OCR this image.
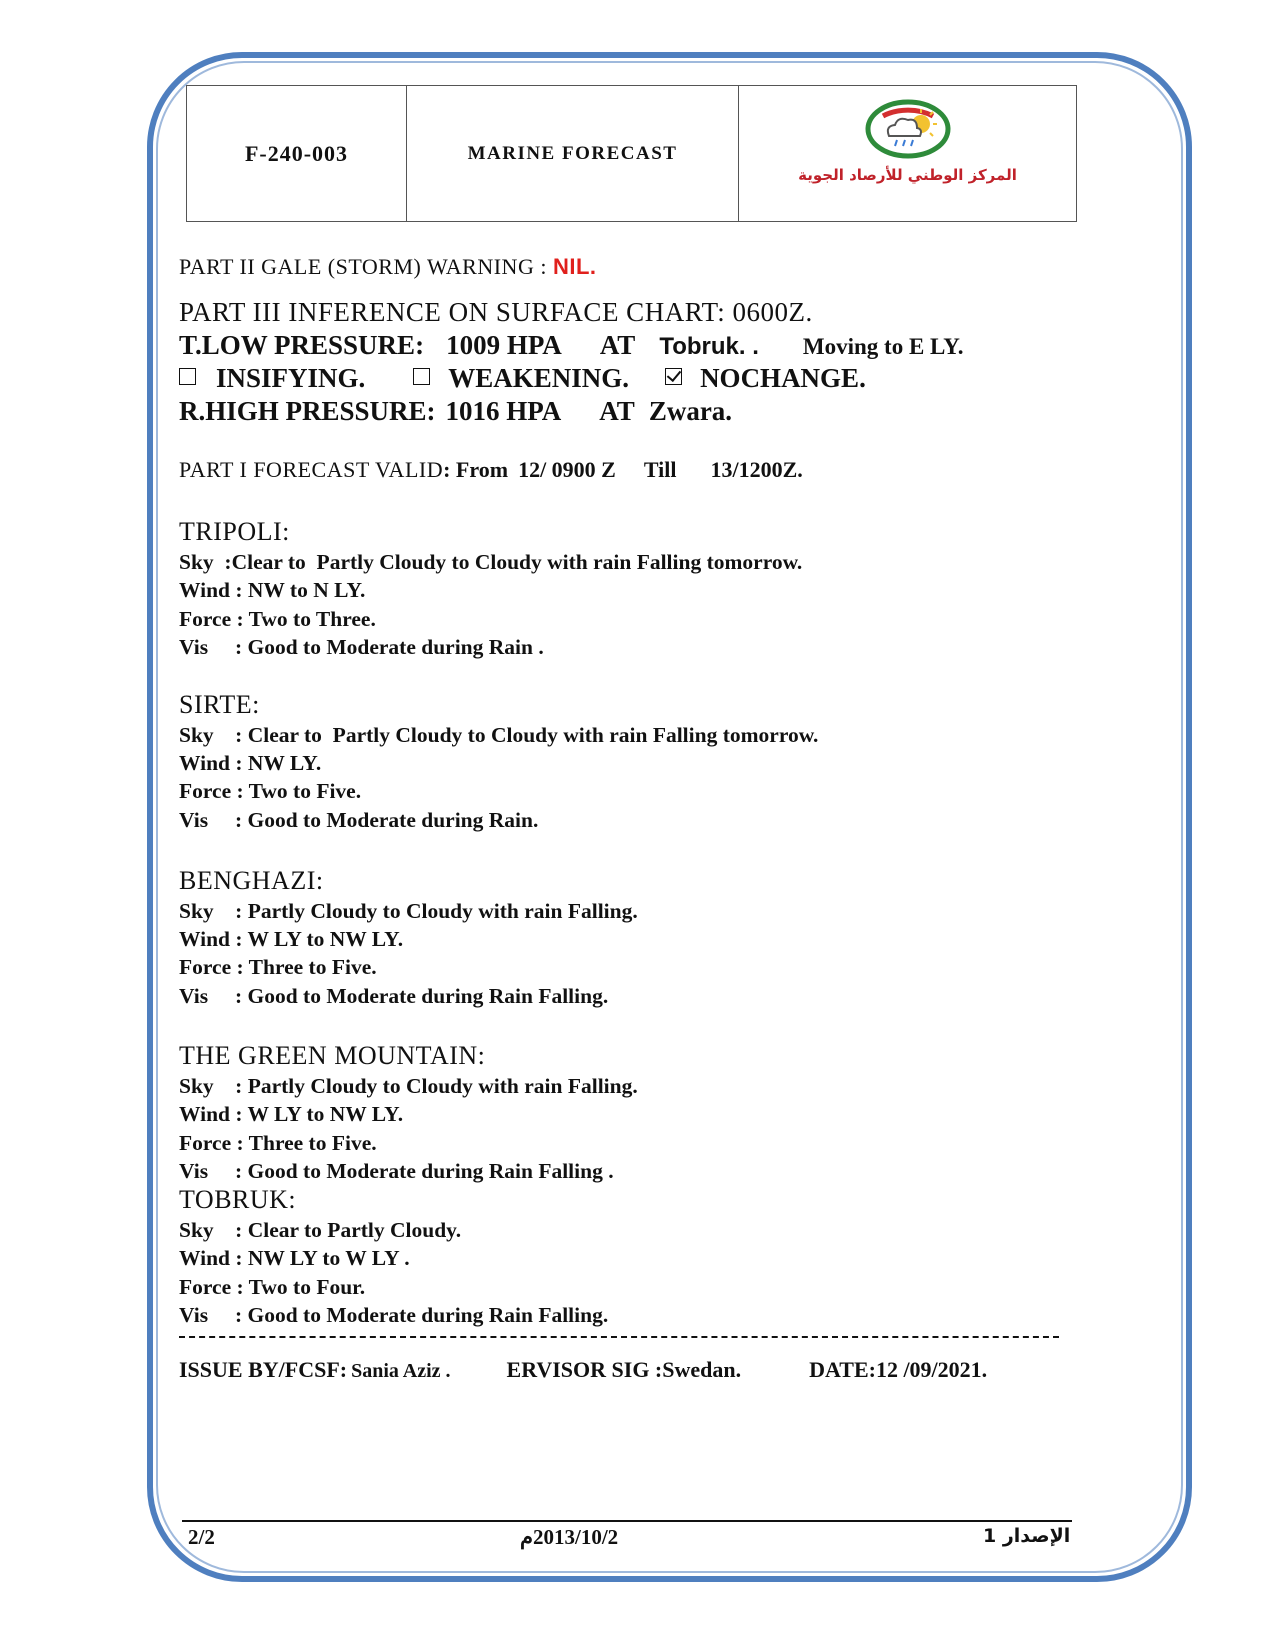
F-240-003	MARINE FORECAST
المركز الوطني للأرصاد الجوية
PART II GALE (STORM) WARNING : NIL.
PART III INFERENCE ON SURFACE CHART: 0600Z.
T.LOW PRESSURE: 1009 HPA AT Tobruk. . Moving to E LY.
INSIFYING.	WEAKENING.	NOCHANGE.
R.HIGH PRESSURE: 1016 HPA AT Zwara.
PART I FORECAST VALID: From 12/ 0900 Z Till 13/1200Z.
TRIPOLI:
Sky  :Clear to  Partly Cloudy to Cloudy with rain Falling tomorrow.
Wind : NW to N LY.
Force : Two to Three.
Vis     : Good to Moderate during Rain .
SIRTE:
Sky    : Clear to  Partly Cloudy to Cloudy with rain Falling tomorrow.
Wind : NW LY.
Force : Two to Five.
Vis     : Good to Moderate during Rain.
BENGHAZI:
Sky    : Partly Cloudy to Cloudy with rain Falling.
Wind : W LY to NW LY.
Force : Three to Five.
Vis     : Good to Moderate during Rain Falling.
THE GREEN MOUNTAIN:
Sky    : Partly Cloudy to Cloudy with rain Falling.
Wind : W LY to NW LY.
Force : Three to Five.
Vis     : Good to Moderate during Rain Falling .
TOBRUK:
Sky    : Clear to Partly Cloudy.
Wind : NW LY to W LY .
Force : Two to Four.
Vis     : Good to Moderate during Rain Falling.
ISSUE BY/FCSF: Sania Aziz .	ERVISOR SIG :Swedan.	DATE:12 /09/2021.
2/2	2013/10/2م	الإصدار 1
